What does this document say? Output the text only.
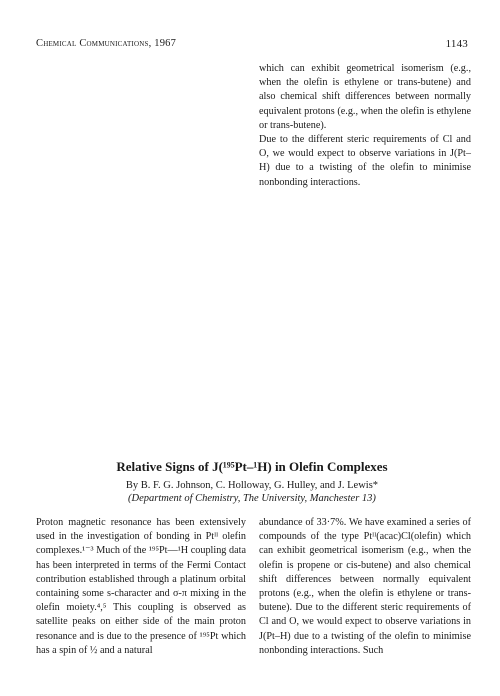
Chemical Communications, 1967	1143

which can exhibit geometrical isomerism (e.g., when the olefin is ethylene or trans-butene) and also chemical shift differences between normally equivalent protons (e.g., when the olefin is ethylene or trans-butene).

Due to the different steric requirements of Cl and O, we would expect to observe variations in J(Pt–H) due to a twisting of the olefin to minimise nonbonding interactions.

Relative Signs of J(¹⁹⁵Pt–¹H) in Olefin Complexes

By B. F. G. Johnson, C. Holloway, G. Hulley, and J. Lewis*

(Department of Chemistry, The University, Manchester 13)

Proton magnetic resonance has been extensively used in the investigation of bonding in Ptᴵᴵ olefin complexes.¹⁻³ Much of the ¹⁹⁵Pt—¹H coupling data has been interpreted in terms of the Fermi Contact contribution established through a platinum orbital containing some s-character and σ-π mixing in the olefin moiety.⁴,⁵ This coupling is observed as satellite peaks on either side of the main proton resonance and is due to the presence of ¹⁹⁵Pt which has a spin of ½ and a natural

abundance of 33·7%. We have examined a series of compounds of the type Ptᴵᴵ(acac)Cl(olefin) which can exhibit geometrical isomerism (e.g., when the olefin is propene or cis-butene) and also chemical shift differences between normally equivalent protons (e.g., when the olefin is ethylene or trans-butene). Due to the different steric requirements of Cl and O, we would expect to observe variations in J(Pt–H) due to a twisting of the olefin to minimise nonbonding interactions. Such
